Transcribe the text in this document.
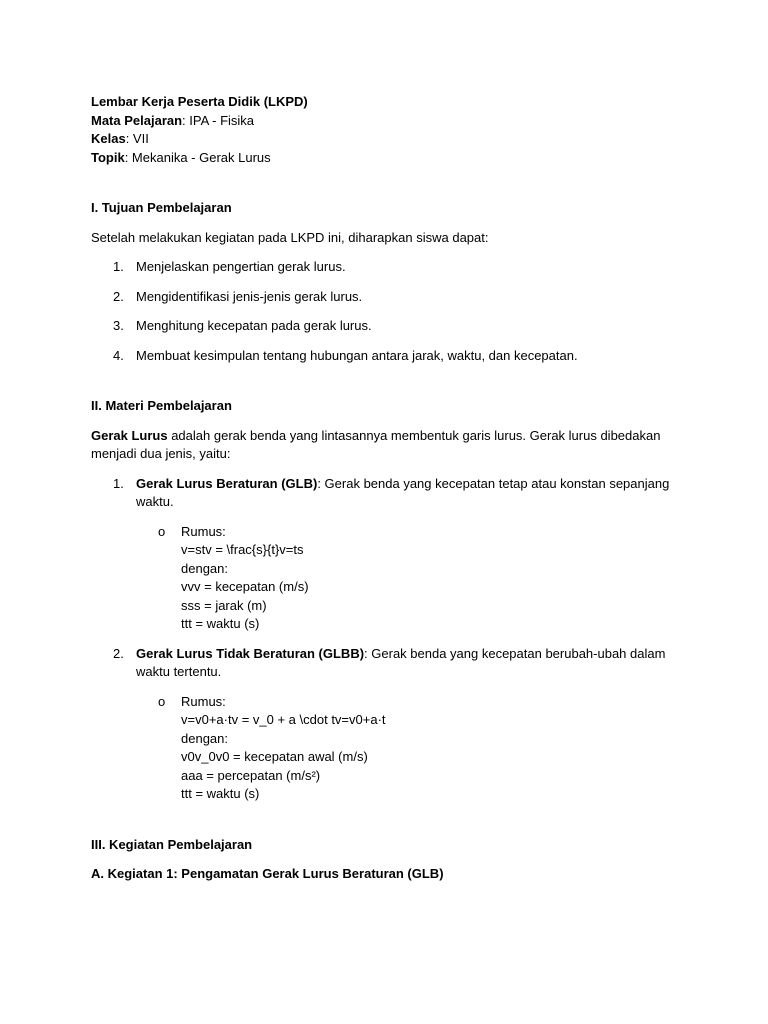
Lembar Kerja Peserta Didik (LKPD)

Mata Pelajaran: IPA - Fisika

Kelas: VII

Topik: Mekanika - Gerak Lurus

I. Tujuan Pembelajaran

Setelah melakukan kegiatan pada LKPD ini, diharapkan siswa dapat:

1. Menjelaskan pengertian gerak lurus.
2. Mengidentifikasi jenis-jenis gerak lurus.
3. Menghitung kecepatan pada gerak lurus.
4. Membuat kesimpulan tentang hubungan antara jarak, waktu, dan kecepatan.

II. Materi Pembelajaran

Gerak Lurus adalah gerak benda yang lintasannya membentuk garis lurus. Gerak lurus dibedakan menjadi dua jenis, yaitu:

1. Gerak Lurus Beraturan (GLB): Gerak benda yang kecepatan tetap atau konstan sepanjang waktu.
o Rumus:

v=stv = \frac{s}{t}v=ts

dengan:

vvv = kecepatan (m/s)

sss = jarak (m)

ttt = waktu (s)

2. Gerak Lurus Tidak Beraturan (GLBB): Gerak benda yang kecepatan berubah-ubah dalam waktu tertentu.
o Rumus:

v=v0+a·tv = v_0 + a \cdot tv=v0+a·t

dengan:

v0v_0v0 = kecepatan awal (m/s)

aaa = percepatan (m/s²)

ttt = waktu (s)

III. Kegiatan Pembelajaran

A. Kegiatan 1: Pengamatan Gerak Lurus Beraturan (GLB)
